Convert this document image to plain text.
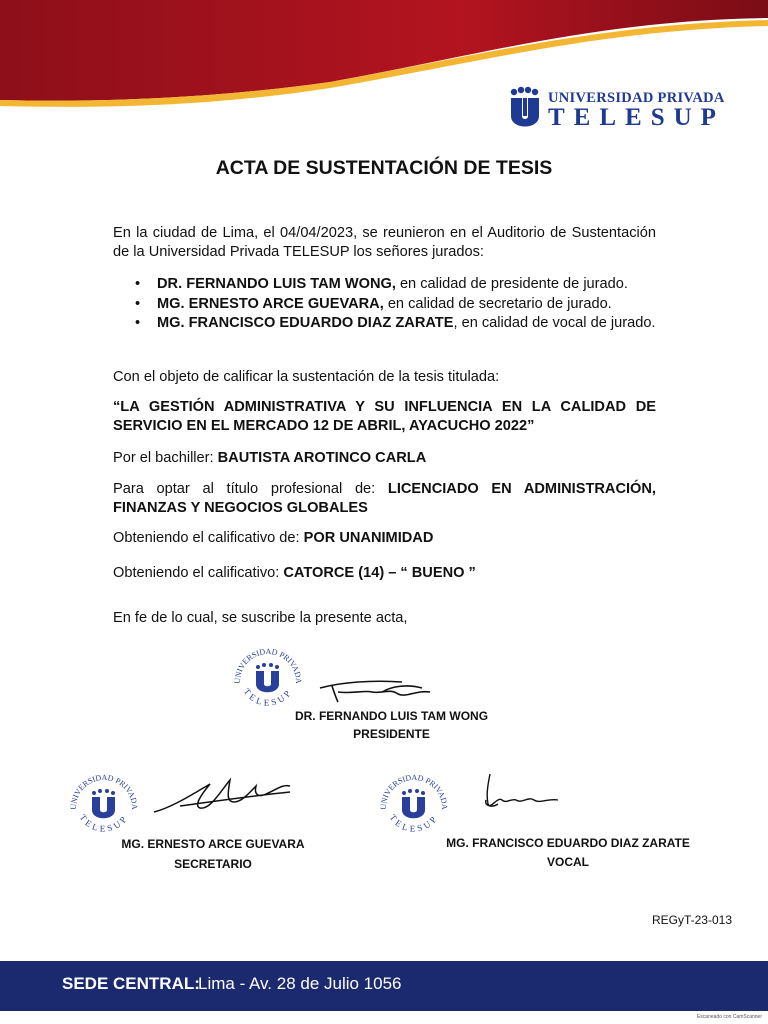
UNIVERSIDAD PRIVADA
TELESUP
ACTA DE SUSTENTACIÓN DE TESIS
En la ciudad de Lima, el 04/04/2023, se reunieron en el Auditorio de Sustentación de la Universidad Privada TELESUP los señores jurados:
• DR. FERNANDO LUIS TAM WONG, en calidad de presidente de jurado.
• MG. ERNESTO ARCE GUEVARA, en calidad de secretario de jurado.
• MG. FRANCISCO EDUARDO DIAZ ZARATE, en calidad de vocal de jurado.
Con el objeto de calificar la sustentación de la tesis titulada:
“LA GESTIÓN ADMINISTRATIVA Y SU INFLUENCIA EN LA CALIDAD DE SERVICIO EN EL MERCADO 12 DE ABRIL, AYACUCHO 2022”
Por el bachiller: BAUTISTA AROTINCO CARLA
Para optar al título profesional de: LICENCIADO EN ADMINISTRACIÓN, FINANZAS Y NEGOCIOS GLOBALES
Obteniendo el calificativo de: POR UNANIMIDAD
Obteniendo el calificativo: CATORCE (14) – “ BUENO ”
En fe de lo cual, se suscribe la presente acta,
UNIVERSIDAD PRIVADA
TELESUP
DR. FERNANDO LUIS TAM WONG
PRESIDENTE
UNIVERSIDAD PRIVADA
TELESUP
MG. ERNESTO ARCE GUEVARA
SECRETARIO
UNIVERSIDAD PRIVADA
TELESUP
MG. FRANCISCO EDUARDO DIAZ ZARATE
VOCAL
REGyT-23-013
SEDE CENTRAL:
Lima - Av. 28 de Julio 1056
Escaneado con CamScanner
